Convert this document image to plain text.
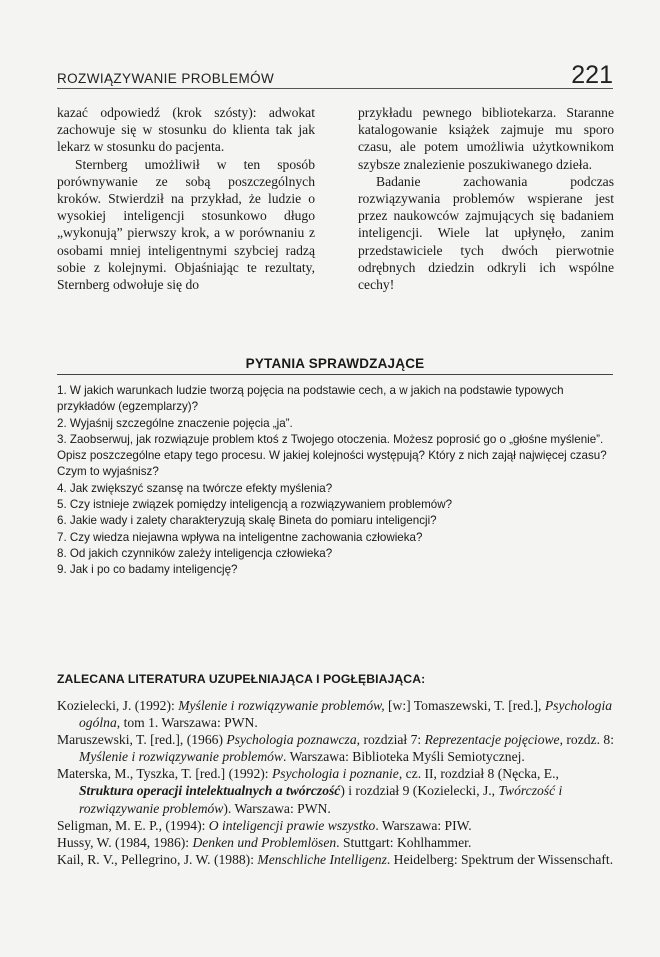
ROZWIĄZYWANIE PROBLEMÓW	221

kazać odpowiedź (krok szósty): adwokat zachowuje się w stosunku do klienta tak jak lekarz w stosunku do pacjenta.

Sternberg umożliwił w ten sposób porównywanie ze sobą poszczególnych kroków. Stwierdził na przykład, że ludzie o wysokiej inteligencji stosunkowo długo „wykonują” pierwszy krok, a w porównaniu z osobami mniej inteligentnymi szybciej radzą sobie z kolejnymi. Objaśniając te rezultaty, Sternberg odwołuje się do

przykładu pewnego bibliotekarza. Staranne katalogowanie książek zajmuje mu sporo czasu, ale potem umożliwia użytkownikom szybsze znalezienie poszukiwanego dzieła.

Badanie zachowania podczas rozwiązywania problemów wspierane jest przez naukowców zajmujących się badaniem inteligencji. Wiele lat upłynęło, zanim przedstawiciele tych dwóch pierwotnie odrębnych dziedzin odkryli ich wspólne cechy!

PYTANIA SPRAWDZAJĄCE
1. W jakich warunkach ludzie tworzą pojęcia na podstawie cech, a w jakich na podstawie typowych przykładów (egzemplarzy)?
2. Wyjaśnij szczególne znaczenie pojęcia „ja”.
3. Zaobserwuj, jak rozwiązuje problem ktoś z Twojego otoczenia. Możesz poprosić go o „głośne myślenie”. Opisz poszczególne etapy tego procesu. W jakiej kolejności występują? Który z nich zajął najwięcej czasu? Czym to wyjaśnisz?
4. Jak zwiększyć szansę na twórcze efekty myślenia?
5. Czy istnieje związek pomiędzy inteligencją a rozwiązywaniem problemów?
6. Jakie wady i zalety charakteryzują skalę Bineta do pomiaru inteligencji?
7. Czy wiedza niejawna wpływa na inteligentne zachowania człowieka?
8. Od jakich czynników zależy inteligencja człowieka?
9. Jak i po co badamy inteligencję?
ZALECANA LITERATURA UZUPEŁNIAJĄCA I POGŁĘBIAJĄCA:
Kozielecki, J. (1992): Myślenie i rozwiązywanie problemów, [w:] Tomaszewski, T. [red.], Psychologia ogólna, tom 1. Warszawa: PWN.
Maruszewski, T. [red.], (1966) Psychologia poznawcza, rozdział 7: Reprezentacje pojęciowe, rozdz. 8: Myślenie i rozwiązywanie problemów. Warszawa: Biblioteka Myśli Semiotycznej.
Materska, M., Tyszka, T. [red.] (1992): Psychologia i poznanie, cz. II, rozdział 8 (Nęcka, E., Struktura operacji intelektualnych a twórczość) i rozdział 9 (Kozielecki, J., Twórczość i rozwiązywanie problemów). Warszawa: PWN.
Seligman, M. E. P., (1994): O inteligencji prawie wszystko. Warszawa: PIW.
Hussy, W. (1984, 1986): Denken und Problemlösen. Stuttgart: Kohlhammer.
Kail, R. V., Pellegrino, J. W. (1988): Menschliche Intelligenz. Heidelberg: Spektrum der Wissenschaft.
